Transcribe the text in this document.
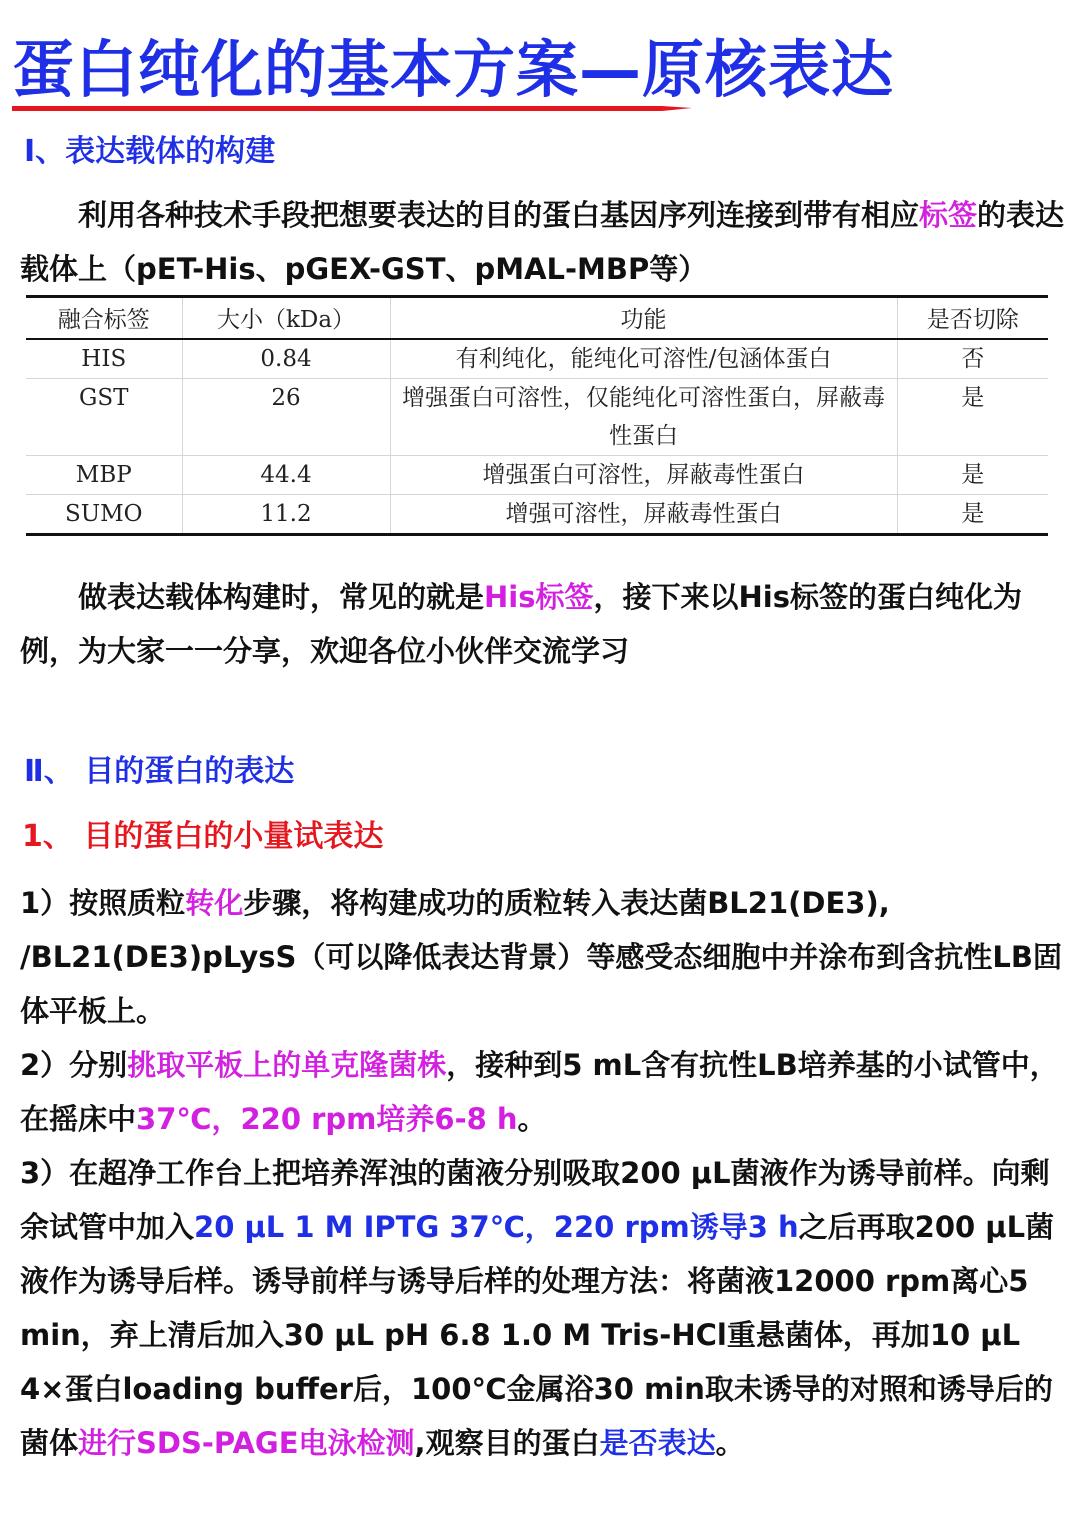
蛋白纯化的基本方案—原核表达
Ⅰ、表达载体的构建

利用各种技术手段把想要表达的目的蛋白基因序列连接到带有相应标签的表达载体上（pET-His、pGEX-GST、pMAL-MBP等）

融合标签	大小（kDa）	功能	是否切除
HIS	0.84	有利纯化，能纯化可溶性/包涵体蛋白	否
GST	26	增强蛋白可溶性，仅能纯化可溶性蛋白，屏蔽毒性蛋白	是
MBP	44.4	增强蛋白可溶性，屏蔽毒性蛋白	是
SUMO	11.2	增强可溶性，屏蔽毒性蛋白	是

做表达载体构建时，常见的就是His标签，接下来以His标签的蛋白纯化为例，为大家一一分享，欢迎各位小伙伴交流学习

Ⅱ、 目的蛋白的表达
1、 目的蛋白的小量试表达

1）按照质粒转化步骤，将构建成功的质粒转入表达菌BL21(DE3), /BL21(DE3)pLysS（可以降低表达背景）等感受态细胞中并涂布到含抗性LB固体平板上。

2）分别挑取平板上的单克隆菌株，接种到5 mL含有抗性LB培养基的小试管中，在摇床中37℃，220 rpm培养6-8 h。

3）在超净工作台上把培养浑浊的菌液分别吸取200 μL菌液作为诱导前样。向剩余试管中加入20 μL 1 M IPTG 37℃，220 rpm诱导3 h之后再取200 μL菌液作为诱导后样。诱导前样与诱导后样的处理方法：将菌液12000 rpm离心5 min，弃上清后加入30 μL pH 6.8 1.0 M Tris-HCl重悬菌体，再加10 μL 4×蛋白loading buffer后，100℃金属浴30 min取未诱导的对照和诱导后的菌体进行SDS-PAGE电泳检测,观察目的蛋白是否表达。
